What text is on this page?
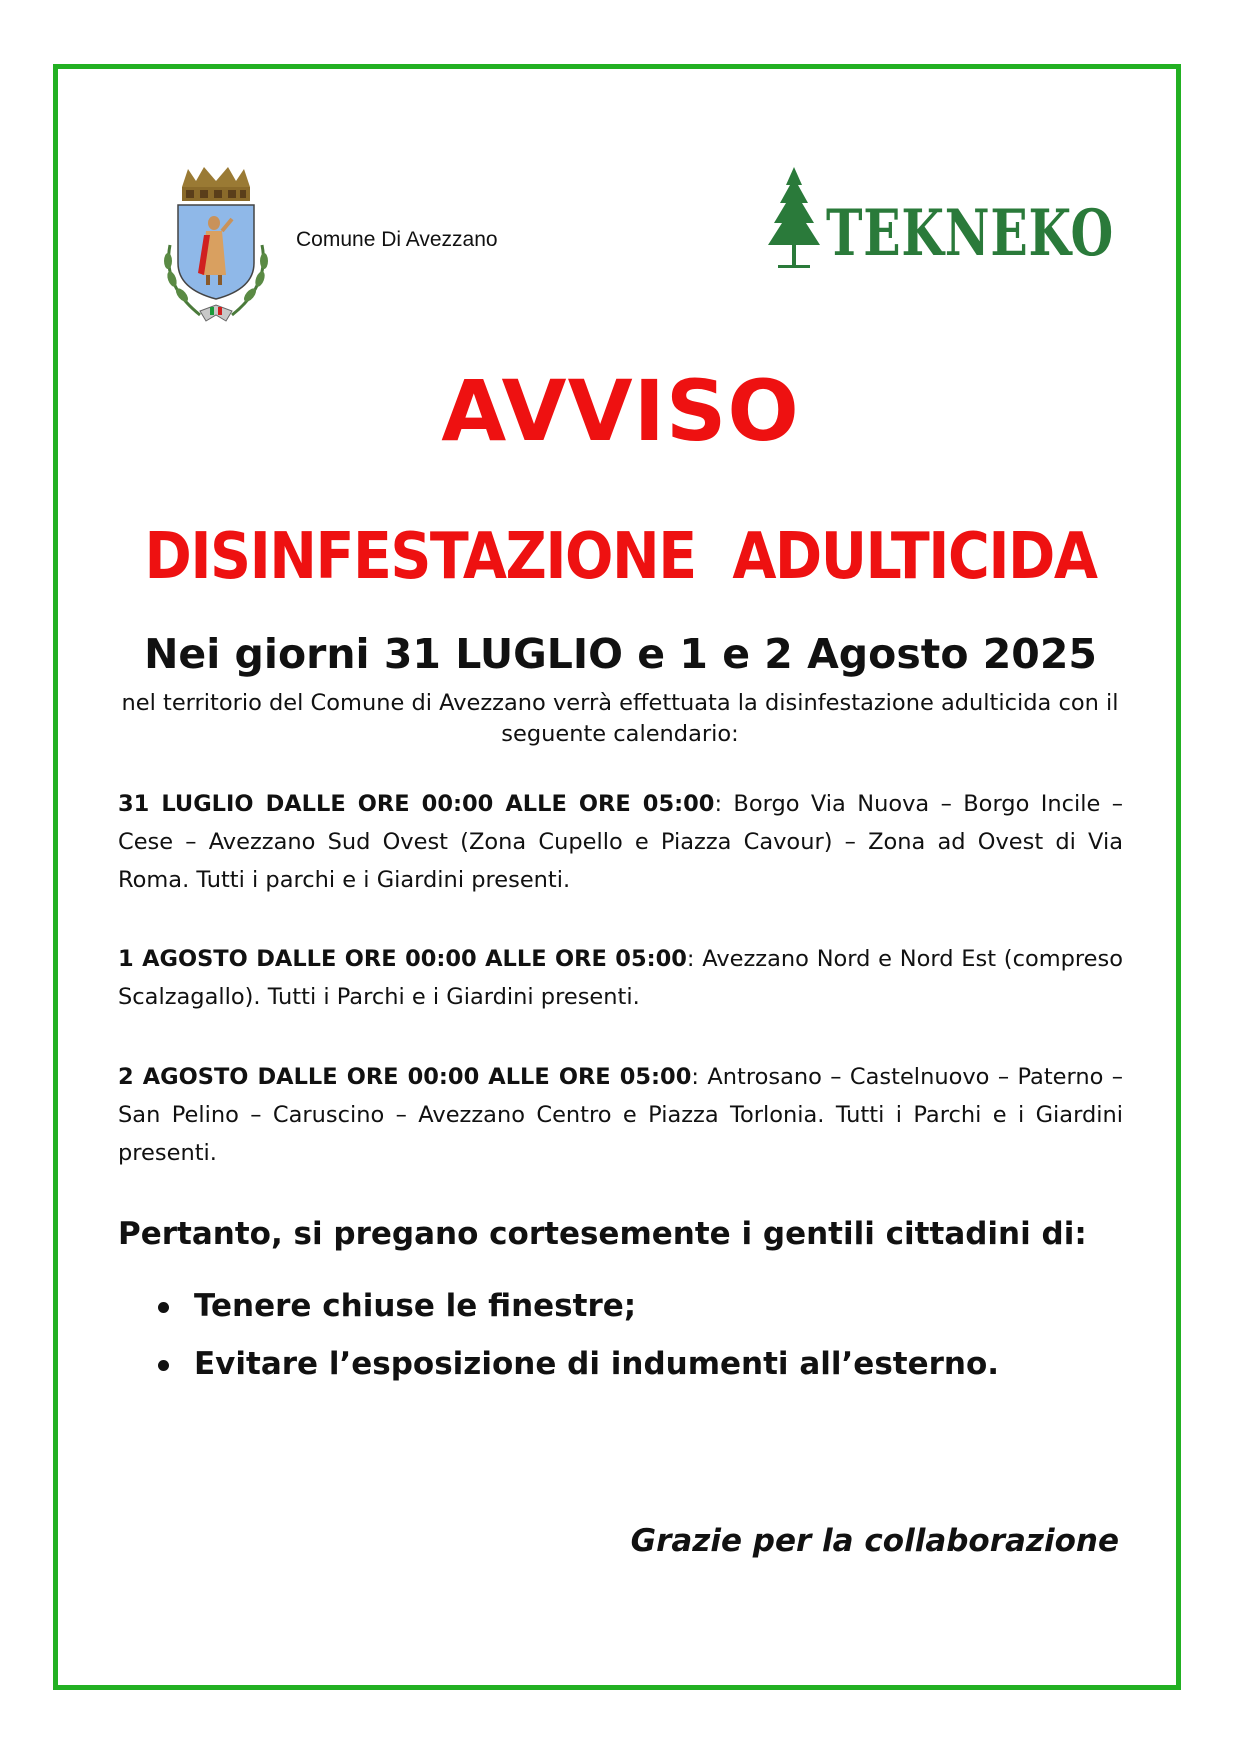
Comune Di Avezzano	TEKNEKO
AVVISO
DISINFESTAZIONE  ADULTICIDA
Nei giorni 31 LUGLIO e 1 e 2 Agosto 2025
nel territorio del Comune di Avezzano verrà effettuata la disinfestazione adulticida con il seguente calendario:
31 LUGLIO DALLE ORE 00:00 ALLE ORE 05:00: Borgo Via Nuova – Borgo Incile – Cese – Avezzano Sud Ovest (Zona Cupello e Piazza Cavour) – Zona ad Ovest di Via Roma. Tutti i parchi e i Giardini presenti.
1 AGOSTO DALLE ORE 00:00 ALLE ORE 05:00: Avezzano Nord e Nord Est (compreso Scalzagallo). Tutti i Parchi e i Giardini presenti.
2 AGOSTO DALLE ORE 00:00 ALLE ORE 05:00: Antrosano – Castelnuovo – Paterno – San Pelino – Caruscino – Avezzano Centro e Piazza Torlonia. Tutti i Parchi e i Giardini presenti.
Pertanto, si pregano cortesemente i gentili cittadini di:
Tenere chiuse le finestre;
Evitare l’esposizione di indumenti all’esterno.
Grazie per la collaborazione
